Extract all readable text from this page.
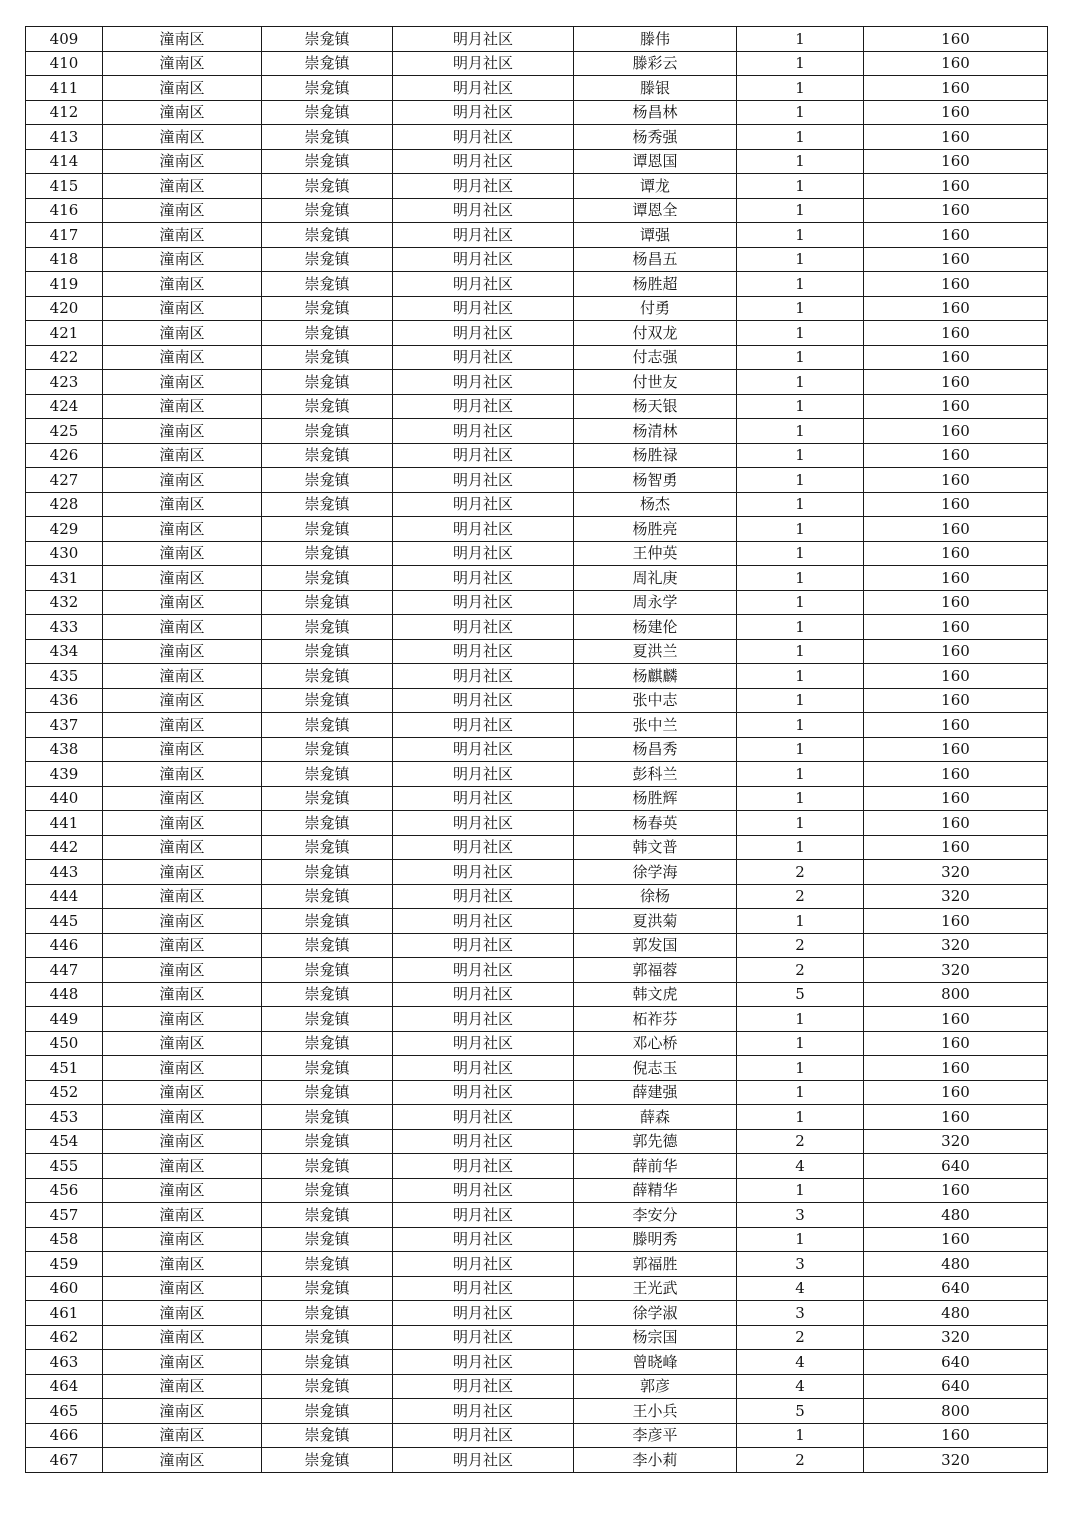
409	潼南区	崇龛镇	明月社区	滕伟	1	160
410	潼南区	崇龛镇	明月社区	滕彩云	1	160
411	潼南区	崇龛镇	明月社区	滕银	1	160
412	潼南区	崇龛镇	明月社区	杨昌林	1	160
413	潼南区	崇龛镇	明月社区	杨秀强	1	160
414	潼南区	崇龛镇	明月社区	谭恩国	1	160
415	潼南区	崇龛镇	明月社区	谭龙	1	160
416	潼南区	崇龛镇	明月社区	谭恩全	1	160
417	潼南区	崇龛镇	明月社区	谭强	1	160
418	潼南区	崇龛镇	明月社区	杨昌五	1	160
419	潼南区	崇龛镇	明月社区	杨胜超	1	160
420	潼南区	崇龛镇	明月社区	付勇	1	160
421	潼南区	崇龛镇	明月社区	付双龙	1	160
422	潼南区	崇龛镇	明月社区	付志强	1	160
423	潼南区	崇龛镇	明月社区	付世友	1	160
424	潼南区	崇龛镇	明月社区	杨天银	1	160
425	潼南区	崇龛镇	明月社区	杨清林	1	160
426	潼南区	崇龛镇	明月社区	杨胜禄	1	160
427	潼南区	崇龛镇	明月社区	杨智勇	1	160
428	潼南区	崇龛镇	明月社区	杨杰	1	160
429	潼南区	崇龛镇	明月社区	杨胜亮	1	160
430	潼南区	崇龛镇	明月社区	王仲英	1	160
431	潼南区	崇龛镇	明月社区	周礼庚	1	160
432	潼南区	崇龛镇	明月社区	周永学	1	160
433	潼南区	崇龛镇	明月社区	杨建伦	1	160
434	潼南区	崇龛镇	明月社区	夏洪兰	1	160
435	潼南区	崇龛镇	明月社区	杨麒麟	1	160
436	潼南区	崇龛镇	明月社区	张中志	1	160
437	潼南区	崇龛镇	明月社区	张中兰	1	160
438	潼南区	崇龛镇	明月社区	杨昌秀	1	160
439	潼南区	崇龛镇	明月社区	彭科兰	1	160
440	潼南区	崇龛镇	明月社区	杨胜辉	1	160
441	潼南区	崇龛镇	明月社区	杨春英	1	160
442	潼南区	崇龛镇	明月社区	韩文普	1	160
443	潼南区	崇龛镇	明月社区	徐学海	2	320
444	潼南区	崇龛镇	明月社区	徐杨	2	320
445	潼南区	崇龛镇	明月社区	夏洪菊	1	160
446	潼南区	崇龛镇	明月社区	郭发国	2	320
447	潼南区	崇龛镇	明月社区	郭福蓉	2	320
448	潼南区	崇龛镇	明月社区	韩文虎	5	800
449	潼南区	崇龛镇	明月社区	柘祚芬	1	160
450	潼南区	崇龛镇	明月社区	邓心桥	1	160
451	潼南区	崇龛镇	明月社区	倪志玉	1	160
452	潼南区	崇龛镇	明月社区	薛建强	1	160
453	潼南区	崇龛镇	明月社区	薛森	1	160
454	潼南区	崇龛镇	明月社区	郭先德	2	320
455	潼南区	崇龛镇	明月社区	薛前华	4	640
456	潼南区	崇龛镇	明月社区	薛精华	1	160
457	潼南区	崇龛镇	明月社区	李安分	3	480
458	潼南区	崇龛镇	明月社区	滕明秀	1	160
459	潼南区	崇龛镇	明月社区	郭福胜	3	480
460	潼南区	崇龛镇	明月社区	王光武	4	640
461	潼南区	崇龛镇	明月社区	徐学淑	3	480
462	潼南区	崇龛镇	明月社区	杨宗国	2	320
463	潼南区	崇龛镇	明月社区	曾晓峰	4	640
464	潼南区	崇龛镇	明月社区	郭彦	4	640
465	潼南区	崇龛镇	明月社区	王小兵	5	800
466	潼南区	崇龛镇	明月社区	李彦平	1	160
467	潼南区	崇龛镇	明月社区	李小莉	2	320
